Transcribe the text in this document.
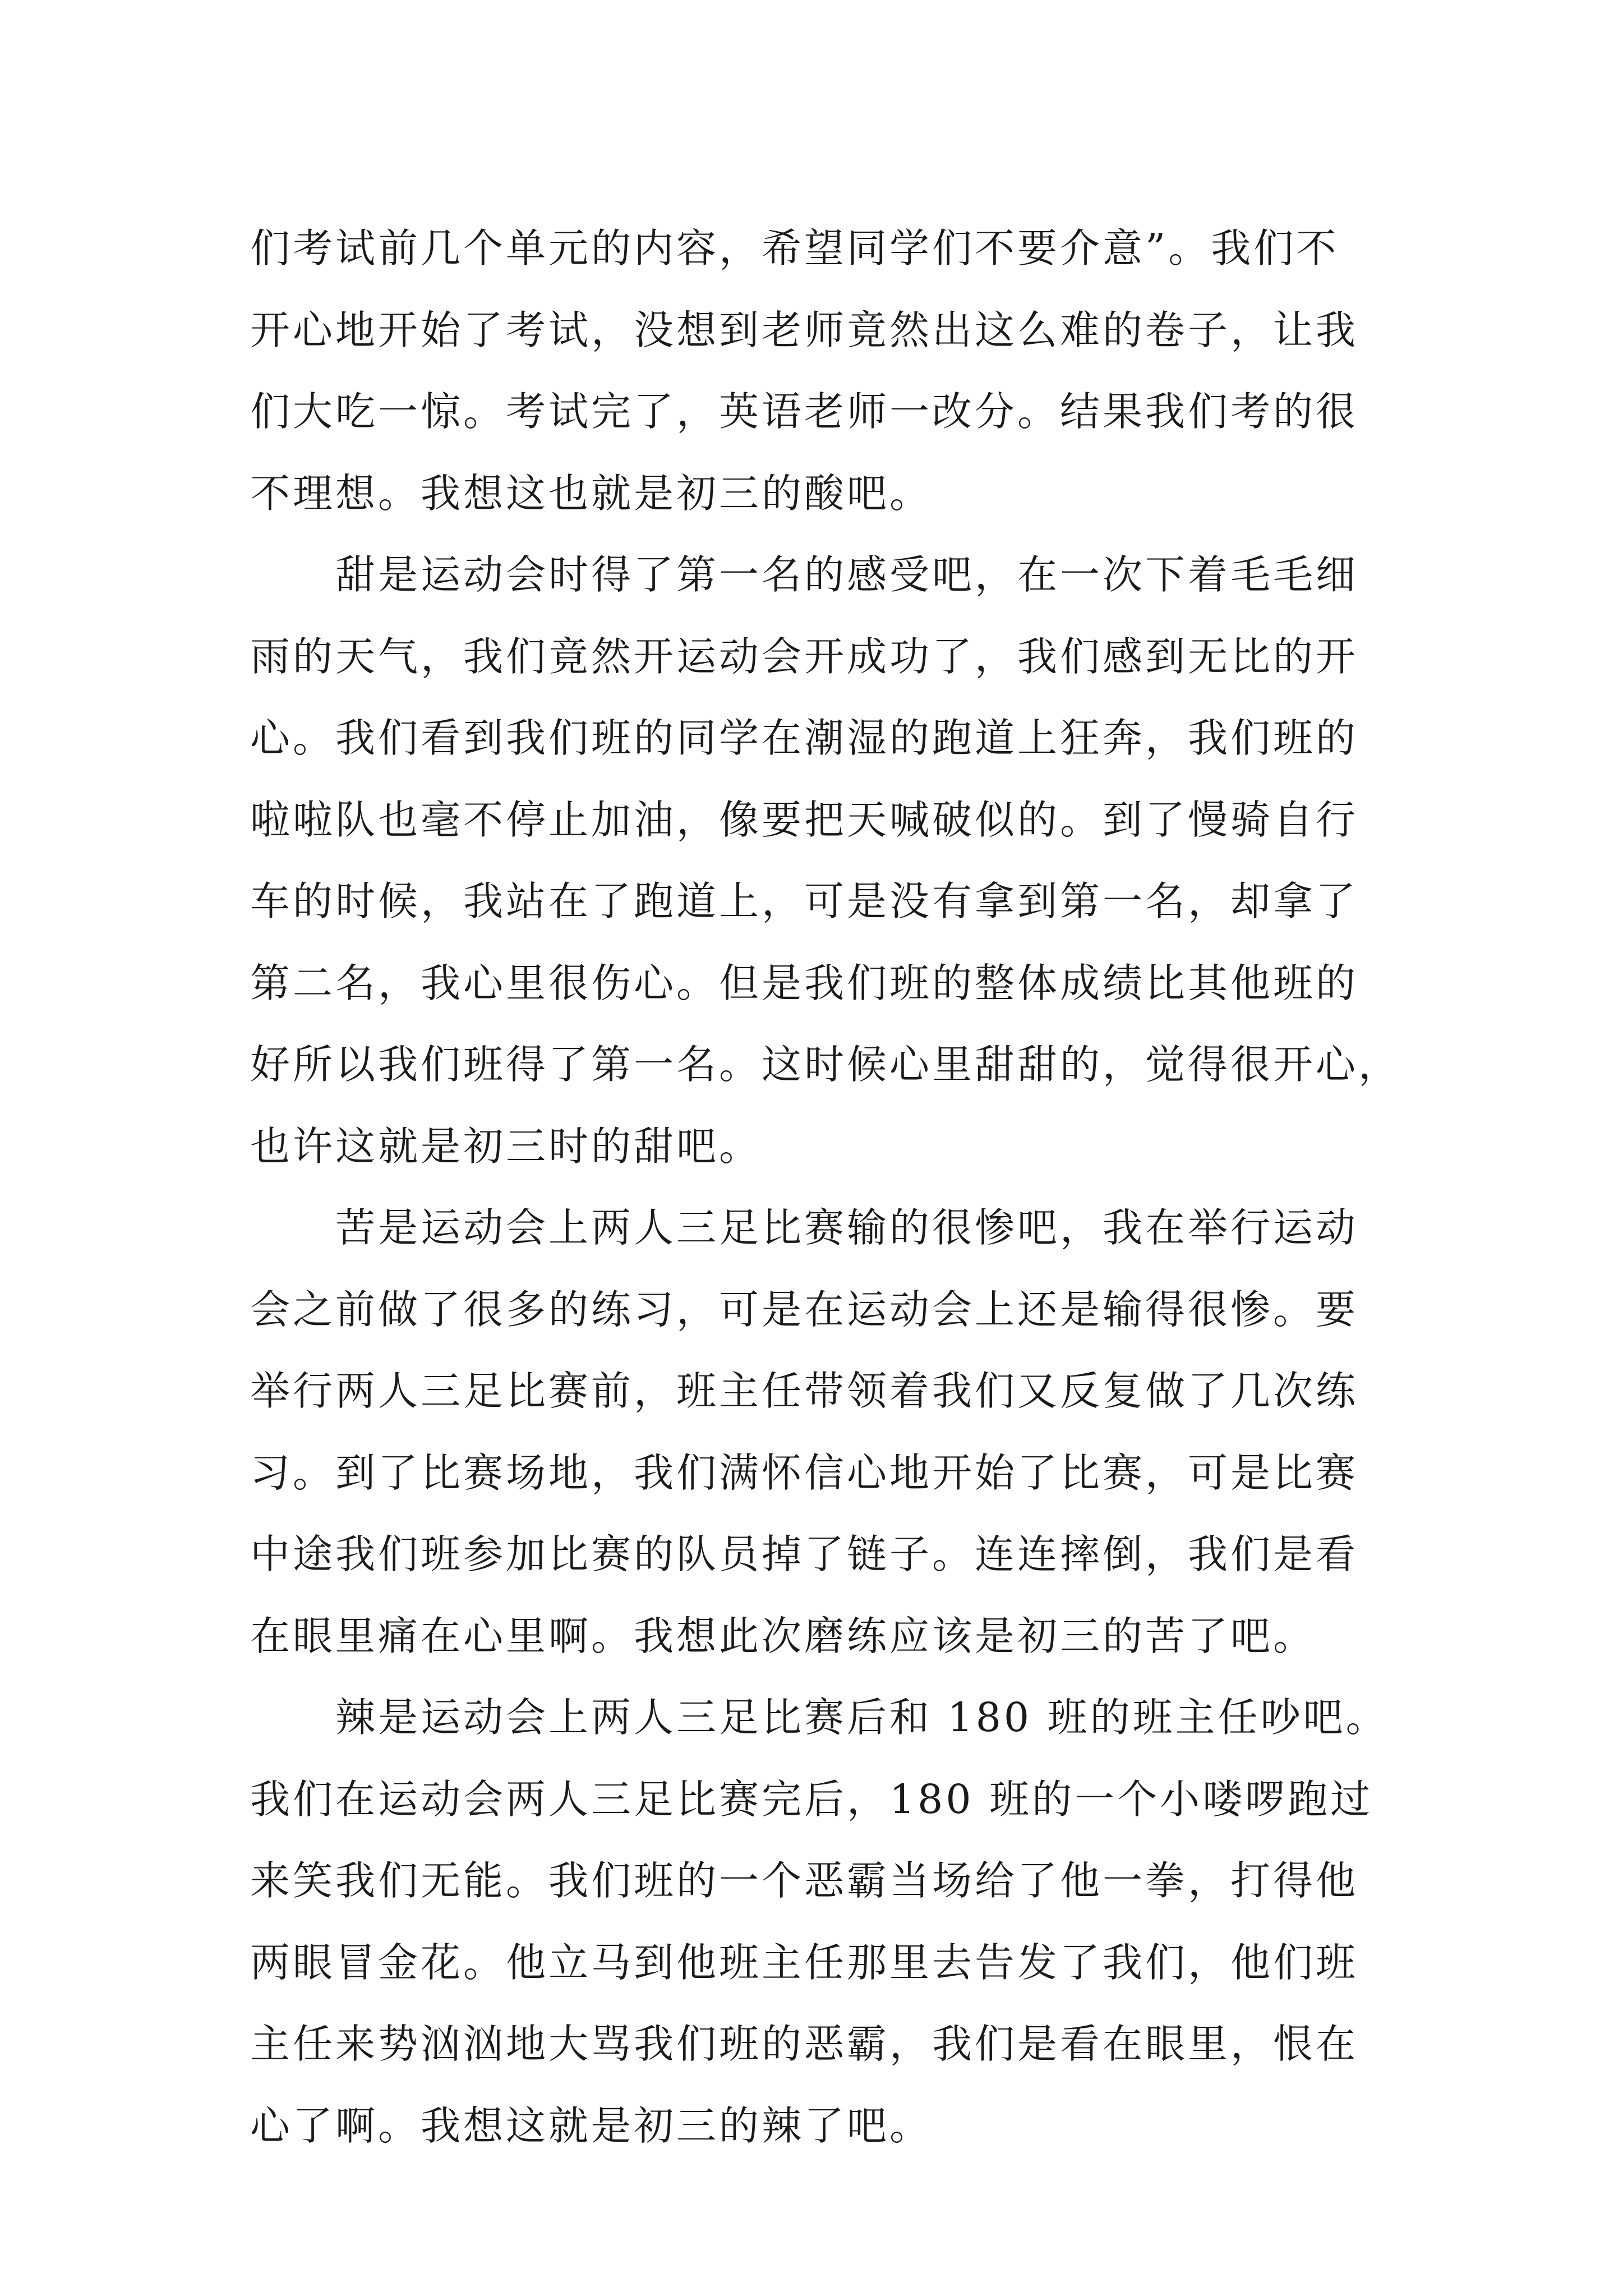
们考试前几个单元的内容，希望同学们不要介意”。我们不
开心地开始了考试，没想到老师竟然出这么难的卷子，让我
们大吃一惊。考试完了，英语老师一改分。结果我们考的很
不理想。我想这也就是初三的酸吧。
甜是运动会时得了第一名的感受吧，在一次下着毛毛细
雨的天气，我们竟然开运动会开成功了，我们感到无比的开
心。我们看到我们班的同学在潮湿的跑道上狂奔，我们班的
啦啦队也毫不停止加油，像要把天喊破似的。到了慢骑自行
车的时候，我站在了跑道上，可是没有拿到第一名，却拿了
第二名，我心里很伤心。但是我们班的整体成绩比其他班的
好所以我们班得了第一名。这时候心里甜甜的，觉得很开心，
也许这就是初三时的甜吧。
苦是运动会上两人三足比赛输的很惨吧，我在举行运动
会之前做了很多的练习，可是在运动会上还是输得很惨。要
举行两人三足比赛前，班主任带领着我们又反复做了几次练
习。到了比赛场地，我们满怀信心地开始了比赛，可是比赛
中途我们班参加比赛的队员掉了链子。连连摔倒，我们是看
在眼里痛在心里啊。我想此次磨练应该是初三的苦了吧。
辣是运动会上两人三足比赛后和 180 班的班主任吵吧。
我们在运动会两人三足比赛完后，180 班的一个小喽啰跑过
来笑我们无能。我们班的一个恶霸当场给了他一拳，打得他
两眼冒金花。他立马到他班主任那里去告发了我们，他们班
主任来势汹汹地大骂我们班的恶霸，我们是看在眼里，恨在
心了啊。我想这就是初三的辣了吧。
